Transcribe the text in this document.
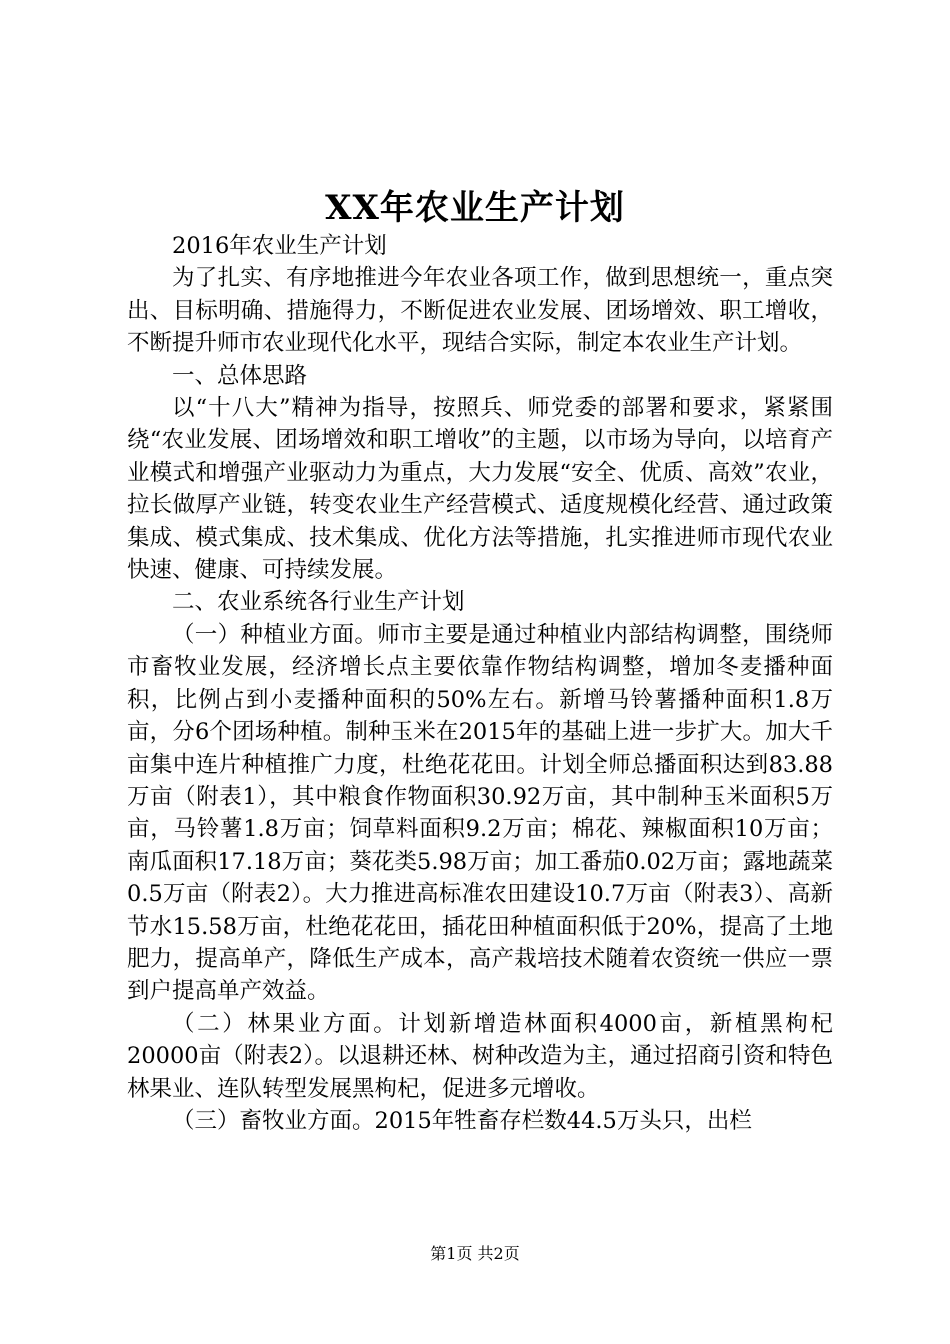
XX年农业生产计划

2016年农业生产计划

为了扎实、有序地推进今年农业各项工作，做到思想统一，重点突出、目标明确、措施得力，不断促进农业发展、团场增效、职工增收，不断提升师市农业现代化水平，现结合实际，制定本农业生产计划。

一、总体思路

以“十八大”精神为指导，按照兵、师党委的部署和要求，紧紧围绕“农业发展、团场增效和职工增收”的主题，以市场为导向，以培育产业模式和增强产业驱动力为重点，大力发展“安全、优质、高效”农业，拉长做厚产业链，转变农业生产经营模式、适度规模化经营、通过政策集成、模式集成、技术集成、优化方法等措施，扎实推进师市现代农业快速、健康、可持续发展。

二、农业系统各行业生产计划

（一）种植业方面。师市主要是通过种植业内部结构调整，围绕师市畜牧业发展，经济增长点主要依靠作物结构调整，增加冬麦播种面积，比例占到小麦播种面积的50%左右。新增马铃薯播种面积1.8万亩，分6个团场种植。制种玉米在2015年的基础上进一步扩大。加大千亩集中连片种植推广力度，杜绝花花田。计划全师总播面积达到83.88万亩（附表1），其中粮食作物面积30.92万亩，其中制种玉米面积5万亩，马铃薯1.8万亩；饲草料面积9.2万亩；棉花、辣椒面积10万亩；南瓜面积17.18万亩；葵花类5.98万亩；加工番茄0.02万亩；露地蔬菜0.5万亩（附表2）。大力推进高标准农田建设10.7万亩（附表3）、高新节水15.58万亩，杜绝花花田，插花田种植面积低于20%，提高了土地肥力，提高单产，降低生产成本，高产栽培技术随着农资统一供应一票到户提高单产效益。

（二）林果业方面。计划新增造林面积4000亩，新植黑枸杞20000亩（附表2）。以退耕还林、树种改造为主，通过招商引资和特色林果业、连队转型发展黑枸杞，促进多元增收。

（三）畜牧业方面。2015年牲畜存栏数44.5万头只，出栏

第1页 共2页
